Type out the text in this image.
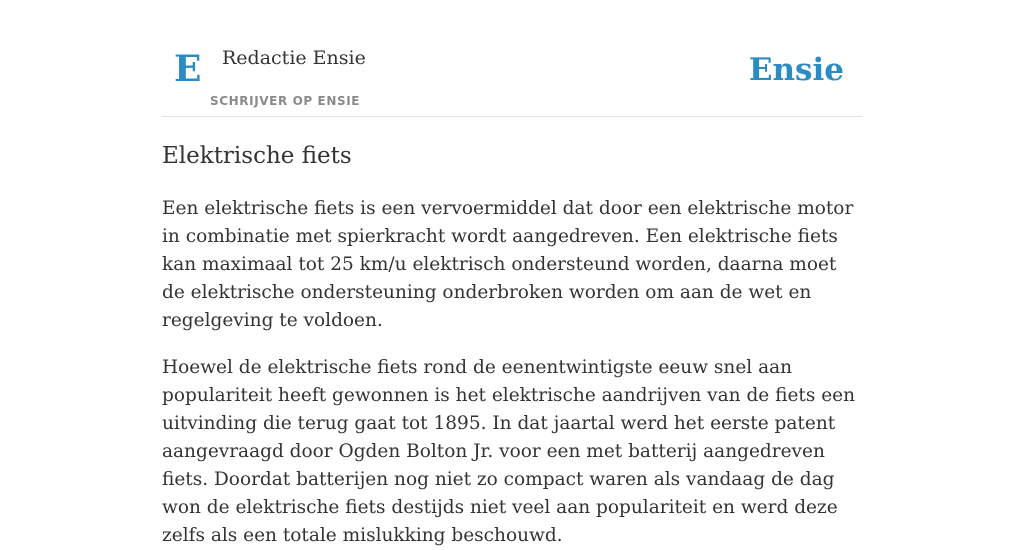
E Redactie Ensie
SCHRIJVER OP ENSIE
Ensie
Elektrische fiets

Een elektrische fiets is een vervoermiddel dat door een elektrische motor in combinatie met spierkracht wordt aangedreven. Een elektrische fiets kan maximaal tot 25 km/u elektrisch ondersteund worden, daarna moet de elektrische ondersteuning onderbroken worden om aan de wet en regelgeving te voldoen.

Hoewel de elektrische fiets rond de eenentwintigste eeuw snel aan populariteit heeft gewonnen is het elektrische aandrijven van de fiets een uitvinding die terug gaat tot 1895. In dat jaartal werd het eerste patent aangevraagd door Ogden Bolton Jr. voor een met batterij aangedreven fiets. Doordat batterijen nog niet zo compact waren als vandaag de dag won de elektrische fiets destijds niet veel aan populariteit en werd deze zelfs als een totale mislukking beschouwd.
